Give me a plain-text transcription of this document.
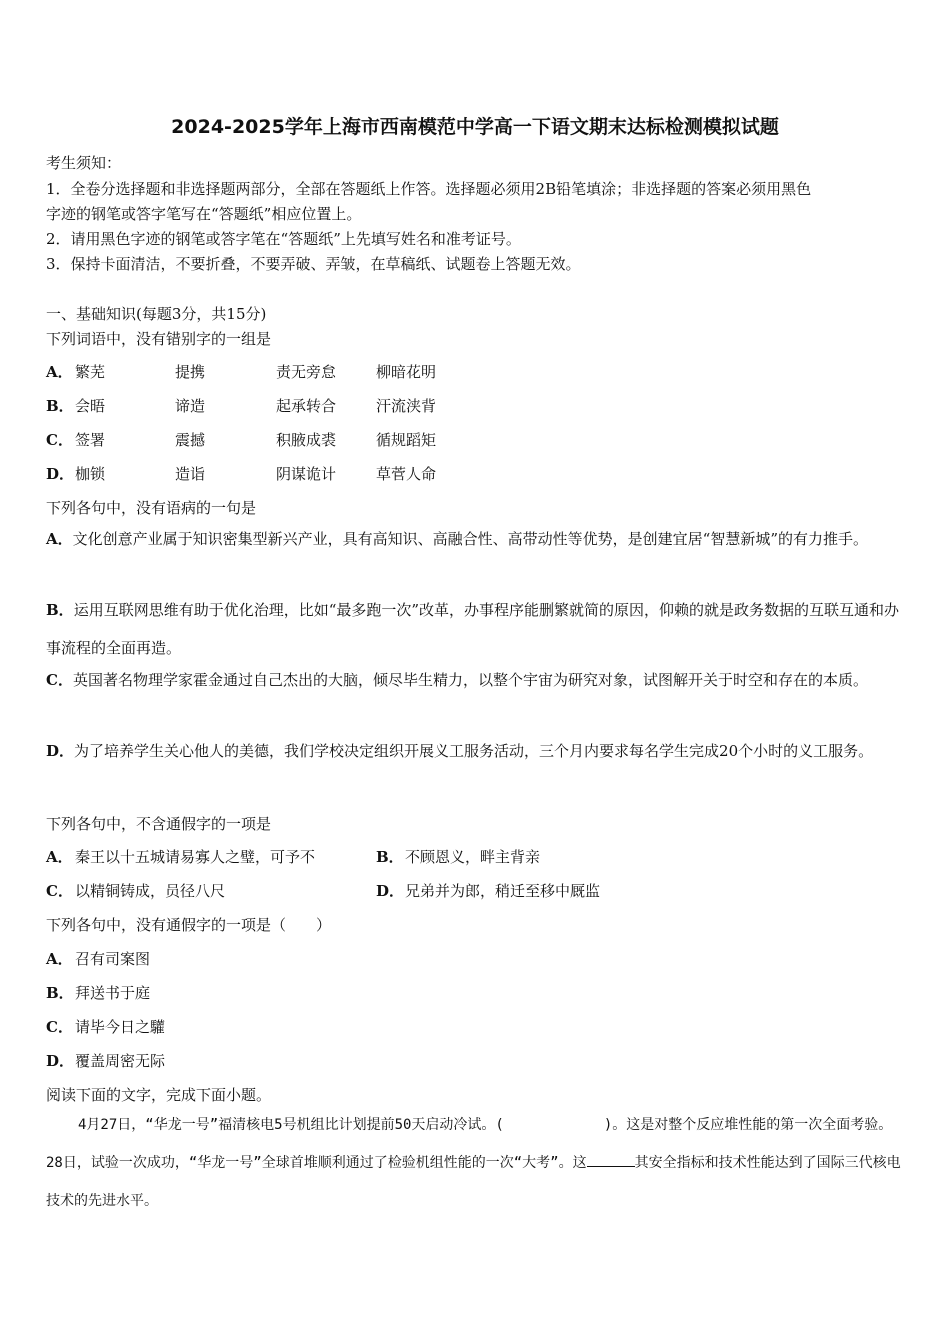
2024-2025学年上海市西南模范中学高一下语文期末达标检测模拟试题
考生须知：
1．全卷分选择题和非选择题两部分，全部在答题纸上作答。选择题必须用2B铅笔填涂；非选择题的答案必须用黑色
字迹的钢笔或答字笔写在“答题纸”相应位置上。
2．请用黑色字迹的钢笔或答字笔在“答题纸”上先填写姓名和准考证号。
3．保持卡面清洁，不要折叠，不要弄破、弄皱，在草稿纸、试题卷上答题无效。
一、基础知识(每题3分，共15分)
下列词语中，没有错别字的一组是
A． 繁芜	提携	责无旁怠	柳暗花明
B． 会晤	谛造	起承转合	汗流浃背
C． 签署	震撼	积腋成裘	循规蹈矩
D． 枷锁	造诣	阴谋诡计	草菅人命
下列各句中，没有语病的一句是
A．文化创意产业属于知识密集型新兴产业，具有高知识、高融合性、高带动性等优势，是创建宜居“智慧新城”的有力推手。
B．运用互联网思维有助于优化治理，比如“最多跑一次”改革，办事程序能删繁就简的原因，仰赖的就是政务数据的互联互通和办事流程的全面再造。
C．英国著名物理学家霍金通过自己杰出的大脑，倾尽毕生精力，以整个宇宙为研究对象，试图解开关于时空和存在的本质。
D．为了培养学生关心他人的美德，我们学校决定组织开展义工服务活动，三个月内要求每名学生完成20个小时的义工服务。
下列各句中，不含通假字的一项是
A． 秦王以十五城请易寡人之璧，可予不	B． 不顾恩义，畔主背亲
C． 以精铜铸成，员径八尺	D． 兄弟并为郎，稍迁至移中厩监
下列各句中，没有通假字的一项是（　　）
A． 召有司案图
B． 拜送书于庭
C． 请毕今日之驩
D． 覆盖周密无际
阅读下面的文字，完成下面小题。
4月27日，“华龙一号”福清核电5号机组比计划提前50天启动冷试。(	)。这是对整个反应堆性能的第一次全面考验。28日，试验一次成功，“华龙一号”全球首堆顺利通过了检验机组性能的一次“大考”。这	其安全指标和技术性能达到了国际三代核电技术的先进水平。
